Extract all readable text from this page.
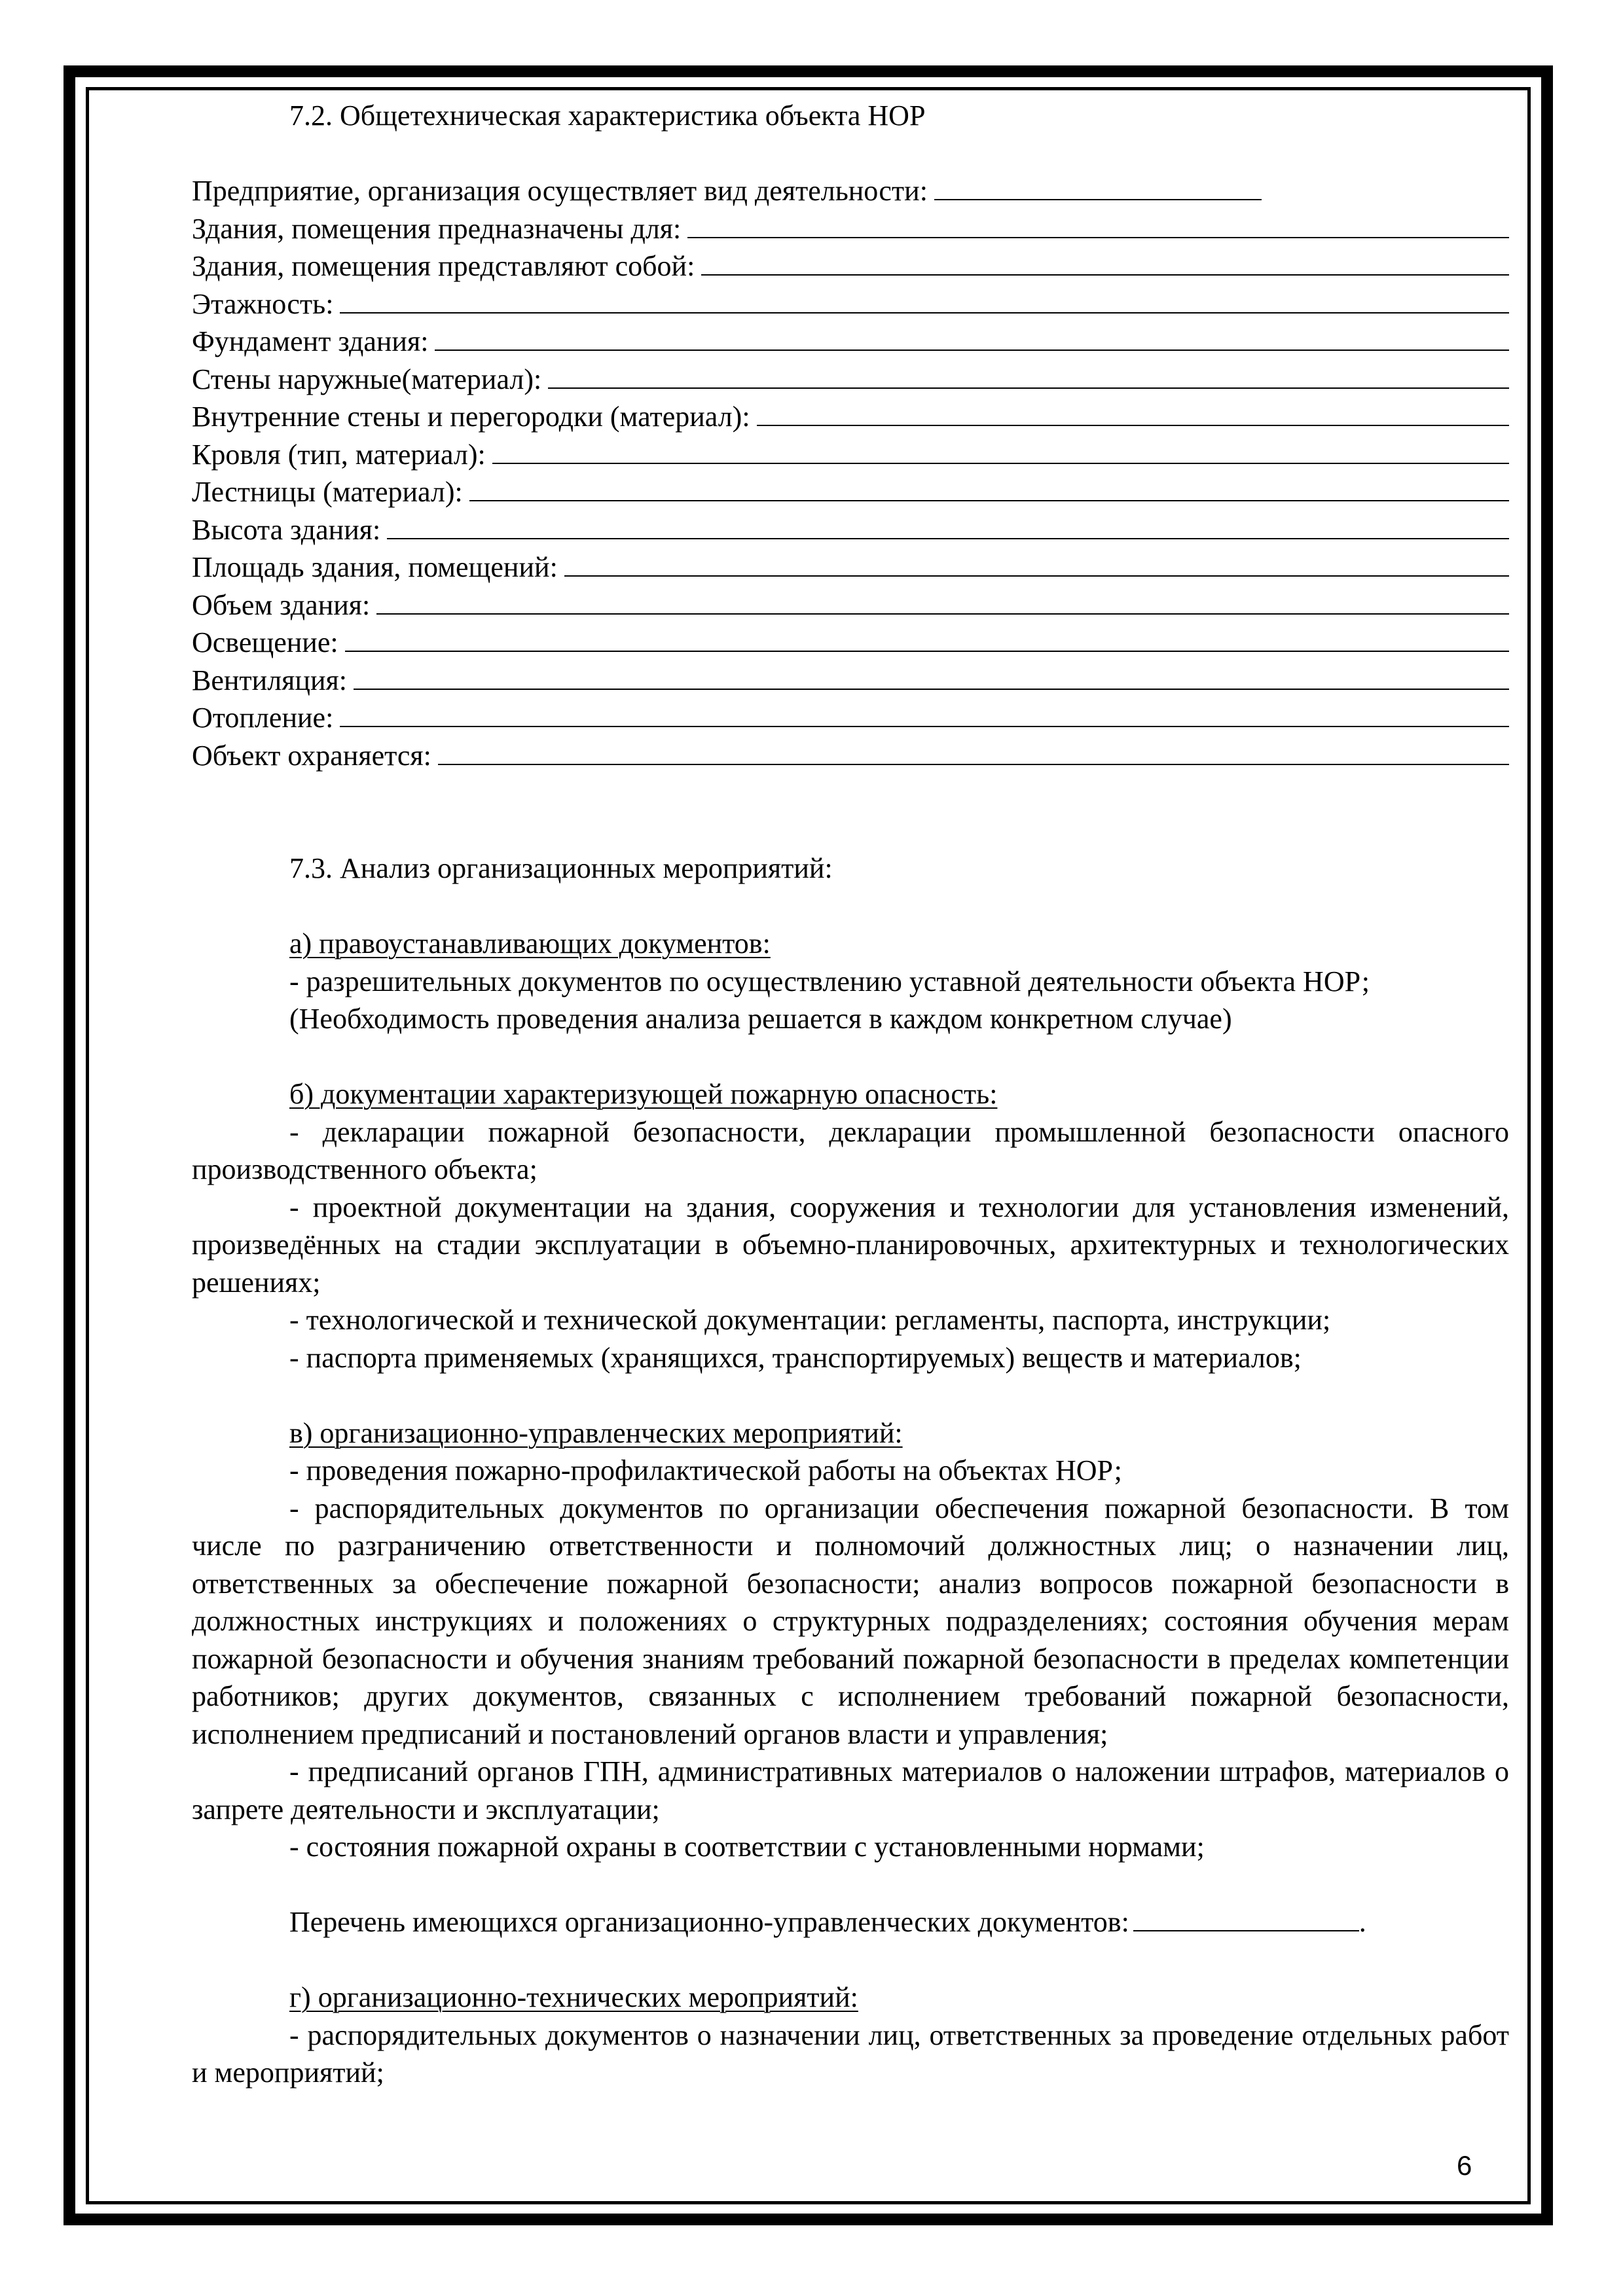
7.2. Общетехническая характеристика объекта НОР

Предприятие, организация осуществляет вид деятельности:
Здания, помещения предназначены для:
Здания, помещения представляют собой:
Этажность:
Фундамент здания:
Стены наружные(материал):
Внутренние стены и перегородки (материал):
Кровля (тип, материал):
Лестницы (материал):
Высота здания:
Площадь здания, помещений:
Объем здания:
Освещение:
Вентиляция:
Отопление:
Объект охраняется:

7.3. Анализ организационных мероприятий:

а) правоустанавливающих документов:

- разрешительных документов по осуществлению уставной деятельности объекта НОР;

(Необходимость проведения анализа решается в каждом конкретном случае)

б) документации характеризующей пожарную опасность:

- декларации пожарной безопасности, декларации промышленной безопасности опасного производственного объекта;

- проектной документации на здания, сооружения и технологии для установления изменений, произведённых на стадии эксплуатации в объемно-планировочных, архитектурных и технологических решениях;

- технологической и технической документации: регламенты, паспорта, инструкции;

- паспорта применяемых (хранящихся, транспортируемых) веществ и материалов;

в) организационно-управленческих мероприятий:

- проведения пожарно-профилактической работы на объектах НОР;

- распорядительных документов по организации обеспечения пожарной безопасности. В том числе по разграничению ответственности и полномочий должностных лиц; о назначении лиц, ответственных за обеспечение пожарной безопасности; анализ вопросов пожарной безопасности в должностных инструкциях и положениях о структурных подразделениях; состояния обучения мерам пожарной безопасности и обучения знаниям требований пожарной безопасности в пределах компетенции работников; других документов, связанных с исполнением требований пожарной безопасности, исполнением предписаний и постановлений органов власти и управления;

- предписаний органов ГПН, административных материалов о наложении штрафов, материалов о запрете деятельности и эксплуатации;

- состояния пожарной охраны в соответствии с установленными нормами;

Перечень имеющихся организационно-управленческих документов:	.

г) организационно-технических мероприятий:

- распорядительных документов о назначении лиц, ответственных за проведение отдельных работ и мероприятий;

6
